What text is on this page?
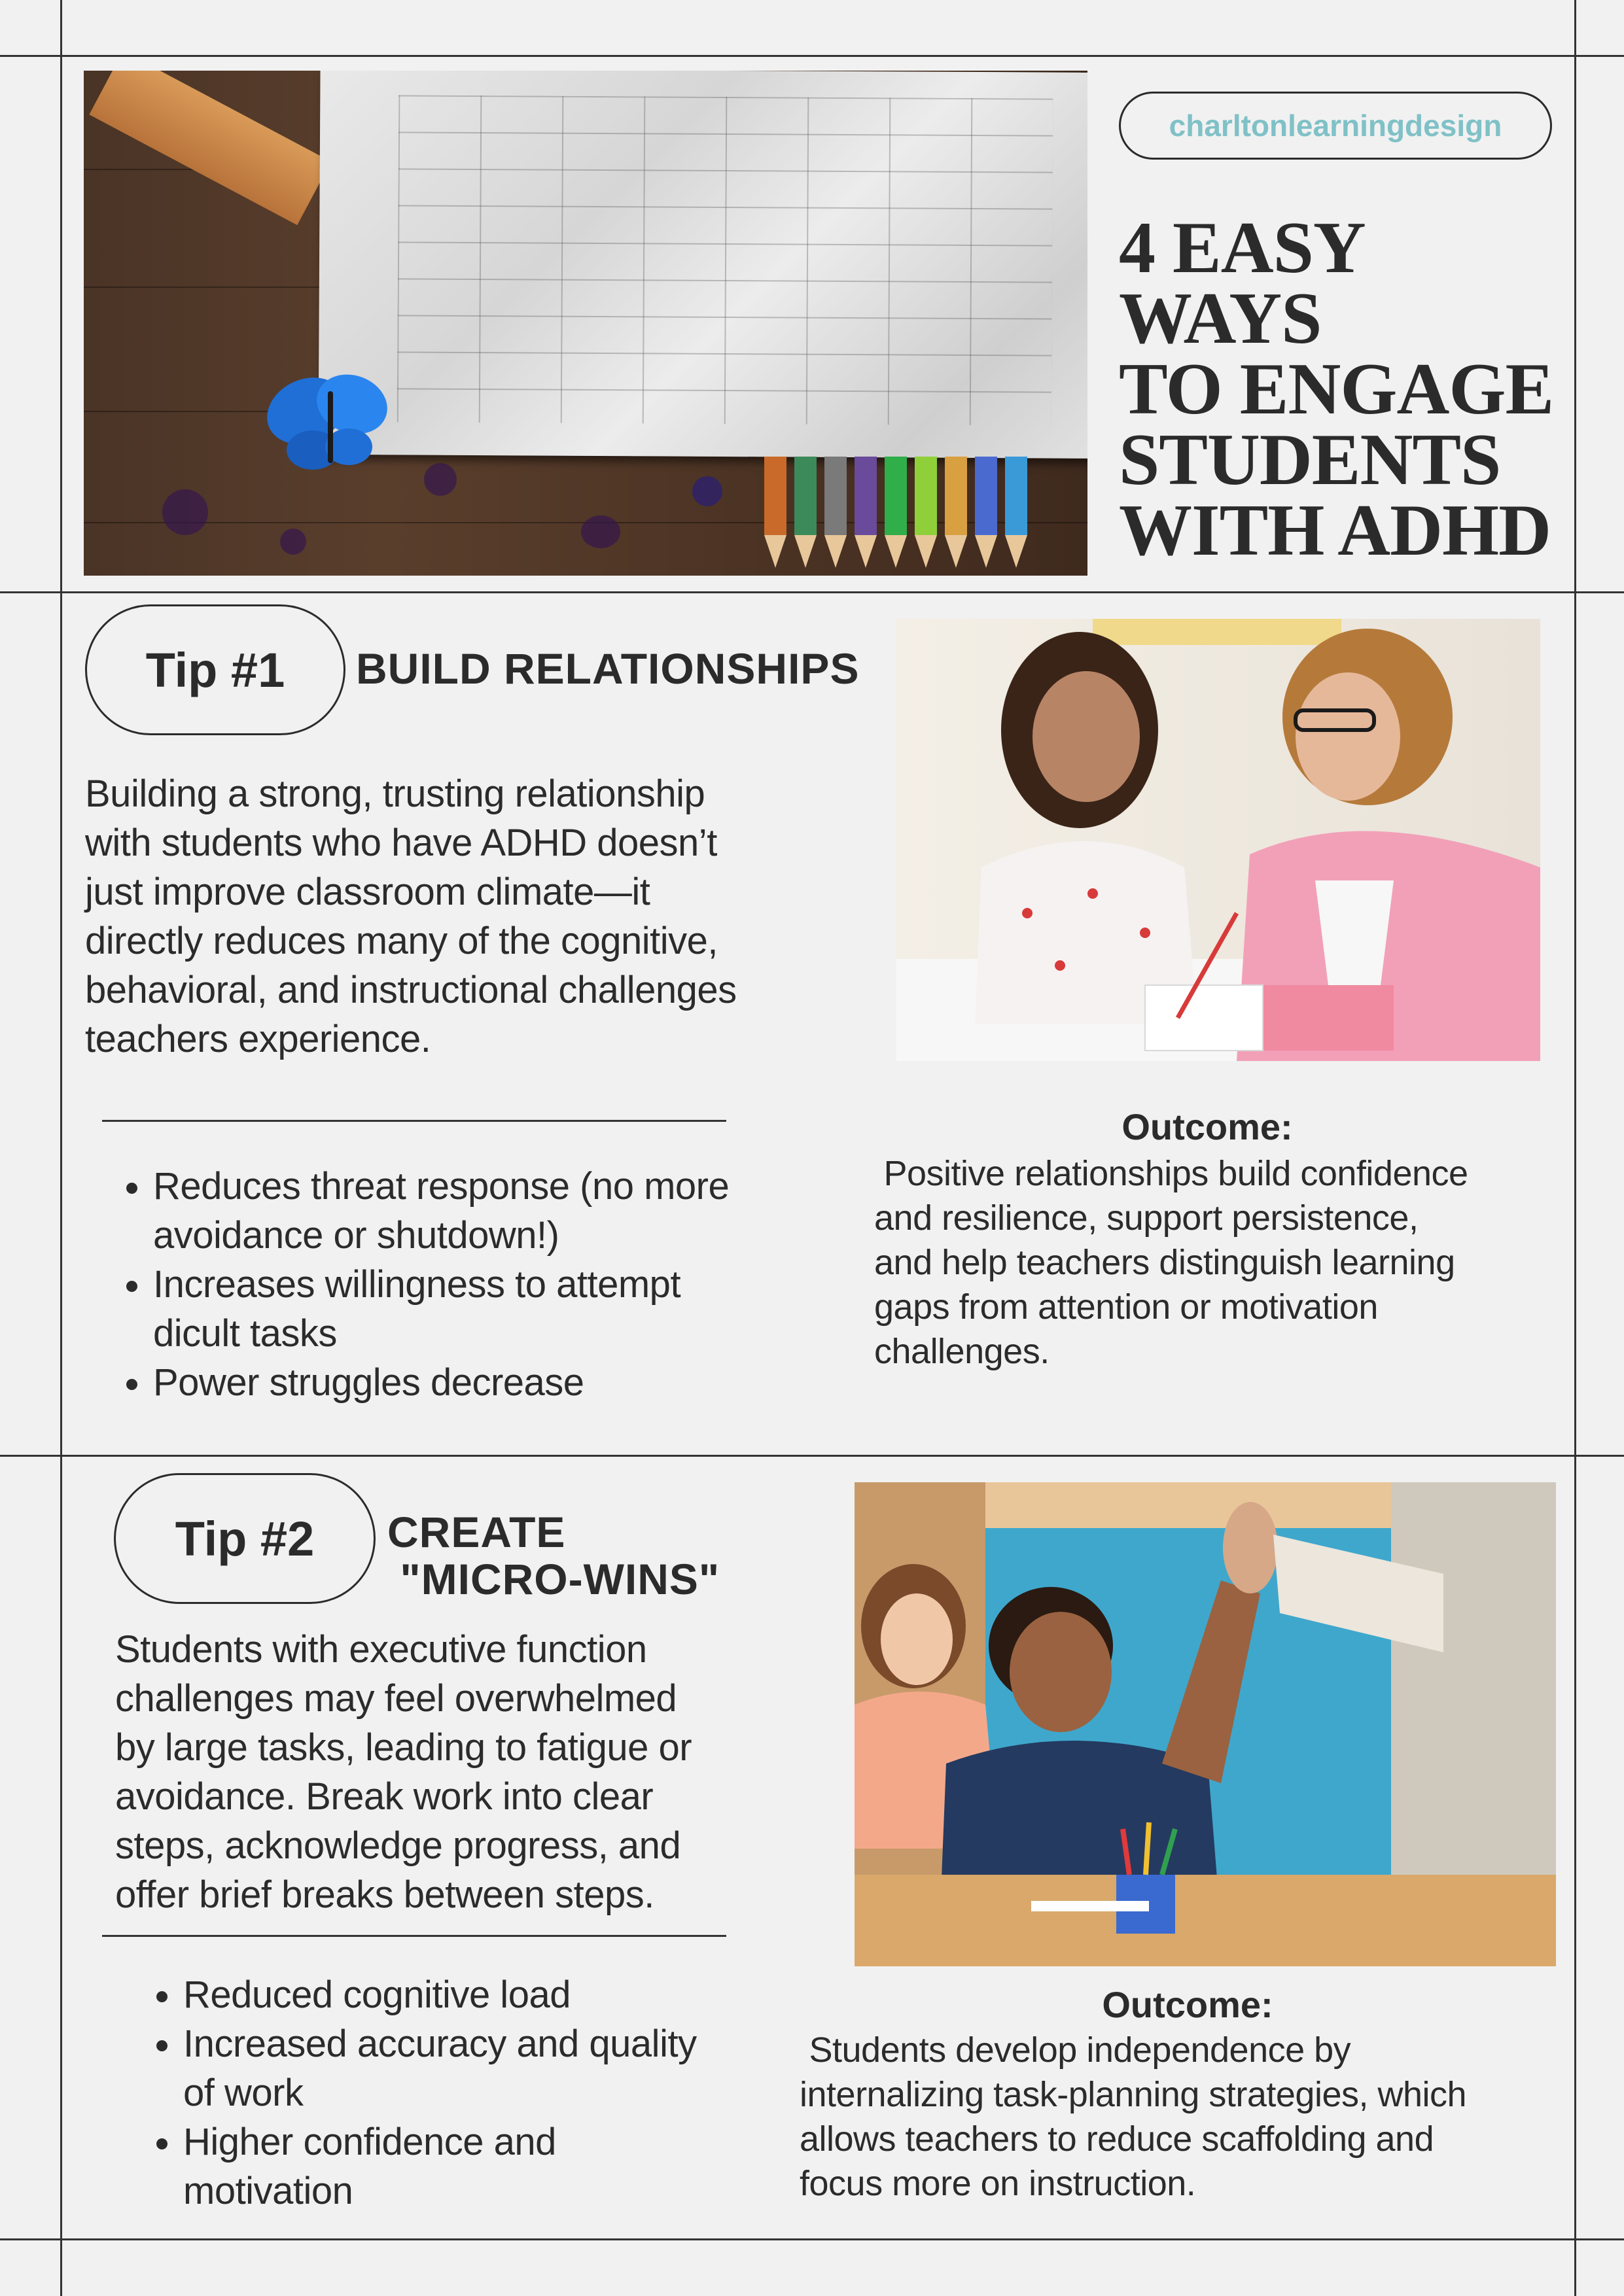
charltonlearningdesign
4 EASY WAYS
TO ENGAGE
STUDENTS
WITH ADHD
Tip #1 BUILD RELATIONSHIPS
Building a strong, trusting relationship
with students who have ADHD doesn’t
just improve classroom climate—it
directly reduces many of the cognitive,
behavioral, and instructional challenges
teachers experience.
• Reduces threat response (no more
avoidance or shutdown!)
• Increases willingness to attempt
dicult tasks
• Power struggles decrease
Outcome:
Positive relationships build confidence
and resilience, support persistence,
and help teachers distinguish learning
gaps from attention or motivation
challenges.
Tip #2 CREATE
"MICRO-WINS"
Students with executive function
challenges may feel overwhelmed
by large tasks, leading to fatigue or
avoidance. Break work into clear
steps, acknowledge progress, and
offer brief breaks between steps.
• Reduced cognitive load
• Increased accuracy and quality
of work
• Higher confidence and
motivation
Outcome:
Students develop independence by
internalizing task-planning strategies, which
allows teachers to reduce scaffolding and
focus more on instruction.
